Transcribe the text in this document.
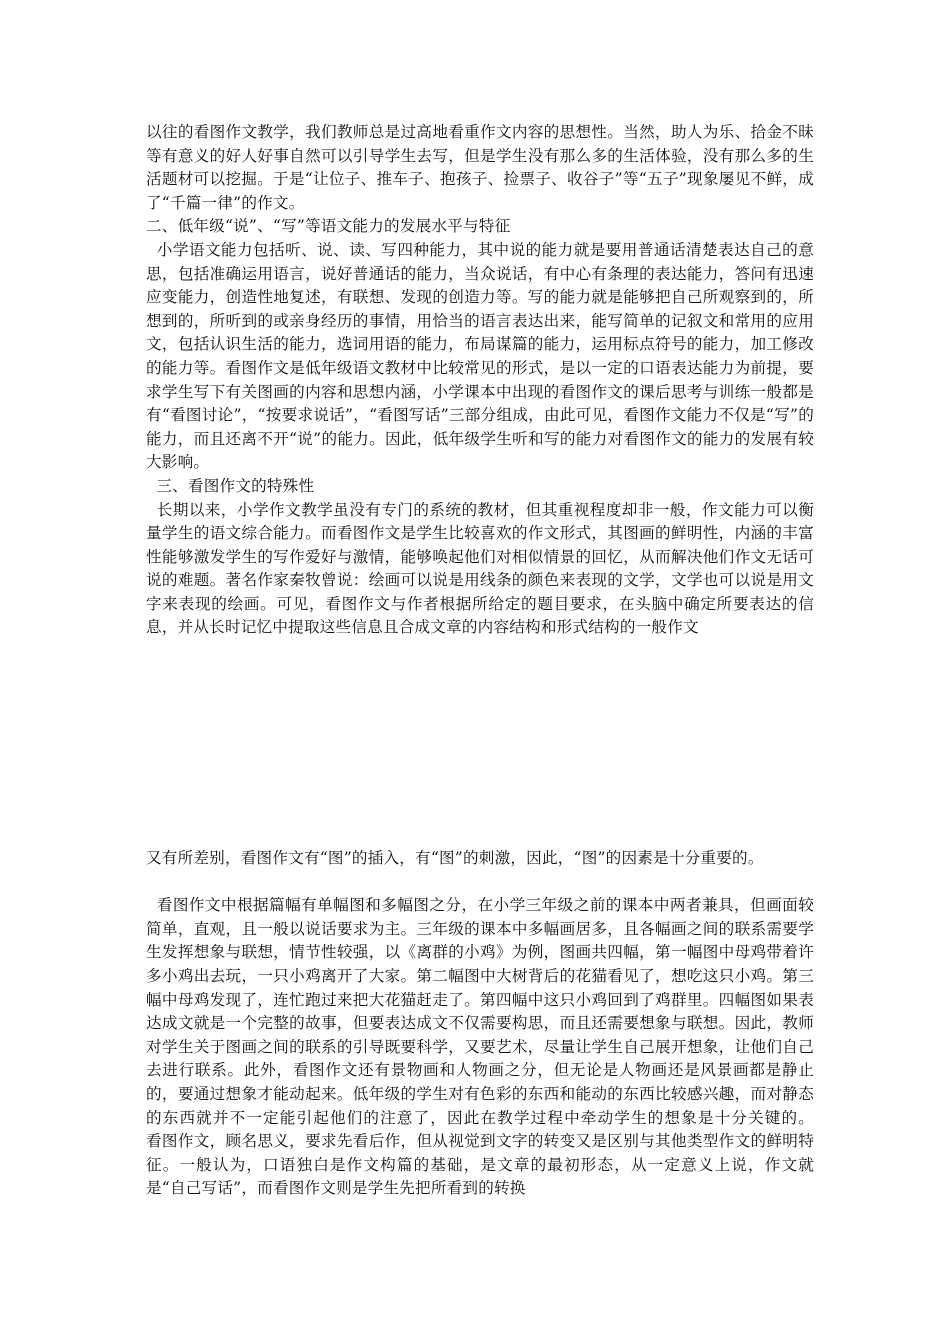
以往的看图作文教学，我们教师总是过高地看重作文内容的思想性。当然，助人为乐、拾金不昧等有意义的好人好事自然可以引导学生去写，但是学生没有那么多的生活体验，没有那么多的生活题材可以挖掘。于是“让位子、推车子、抱孩子、捡票子、收谷子”等“五子”现象屡见不鲜，成了“千篇一律”的作文。

二、低年级“说”、“写”等语文能力的发展水平与特征

小学语文能力包括听、说、读、写四种能力，其中说的能力就是要用普通话清楚表达自己的意思，包括准确运用语言，说好普通话的能力，当众说话，有中心有条理的表达能力，答问有迅速应变能力，创造性地复述，有联想、发现的创造力等。写的能力就是能够把自己所观察到的，所想到的，所听到的或亲身经历的事情，用恰当的语言表达出来，能写简单的记叙文和常用的应用文，包括认识生活的能力，选词用语的能力，布局谋篇的能力，运用标点符号的能力，加工修改的能力等。看图作文是低年级语文教材中比较常见的形式，是以一定的口语表达能力为前提，要求学生写下有关图画的内容和思想内涵，小学课本中出现的看图作文的课后思考与训练一般都是有“看图讨论”，“按要求说话”，“看图写话”三部分组成，由此可见，看图作文能力不仅是“写”的能力，而且还离不开“说”的能力。因此，低年级学生听和写的能力对看图作文的能力的发展有较大影响。

三、看图作文的特殊性

长期以来，小学作文教学虽没有专门的系统的教材，但其重视程度却非一般，作文能力可以衡量学生的语文综合能力。而看图作文是学生比较喜欢的作文形式，其图画的鲜明性，内涵的丰富性能够激发学生的写作爱好与激情，能够唤起他们对相似情景的回忆，从而解决他们作文无话可说的难题。著名作家秦牧曾说：绘画可以说是用线条的颜色来表现的文学，文学也可以说是用文字来表现的绘画。可见，看图作文与作者根据所给定的题目要求，在头脑中确定所要表达的信息，并从长时记忆中提取这些信息且合成文章的内容结构和形式结构的一般作文

又有所差别，看图作文有“图”的插入，有“图”的刺激，因此，“图”的因素是十分重要的。

看图作文中根据篇幅有单幅图和多幅图之分，在小学三年级之前的课本中两者兼具，但画面较简单，直观，且一般以说话要求为主。三年级的课本中多幅画居多，且各幅画之间的联系需要学生发挥想象与联想，情节性较强，以《离群的小鸡》为例，图画共四幅，第一幅图中母鸡带着许多小鸡出去玩，一只小鸡离开了大家。第二幅图中大树背后的花猫看见了，想吃这只小鸡。第三幅中母鸡发现了，连忙跑过来把大花猫赶走了。第四幅中这只小鸡回到了鸡群里。四幅图如果表达成文就是一个完整的故事，但要表达成文不仅需要构思，而且还需要想象与联想。因此，教师对学生关于图画之间的联系的引导既要科学，又要艺术，尽量让学生自己展开想象，让他们自己去进行联系。此外，看图作文还有景物画和人物画之分，但无论是人物画还是风景画都是静止的，要通过想象才能动起来。低年级的学生对有色彩的东西和能动的东西比较感兴趣，而对静态的东西就并不一定能引起他们的注意了，因此在教学过程中牵动学生的想象是十分关键的。        看图作文，顾名思义，要求先看后作，但从视觉到文字的转变又是区别与其他类型作文的鲜明特征。一般认为，口语独白是作文构篇的基础，是文章的最初形态，从一定意义上说，作文就是“自己写话”，而看图作文则是学生先把所看到的转换
